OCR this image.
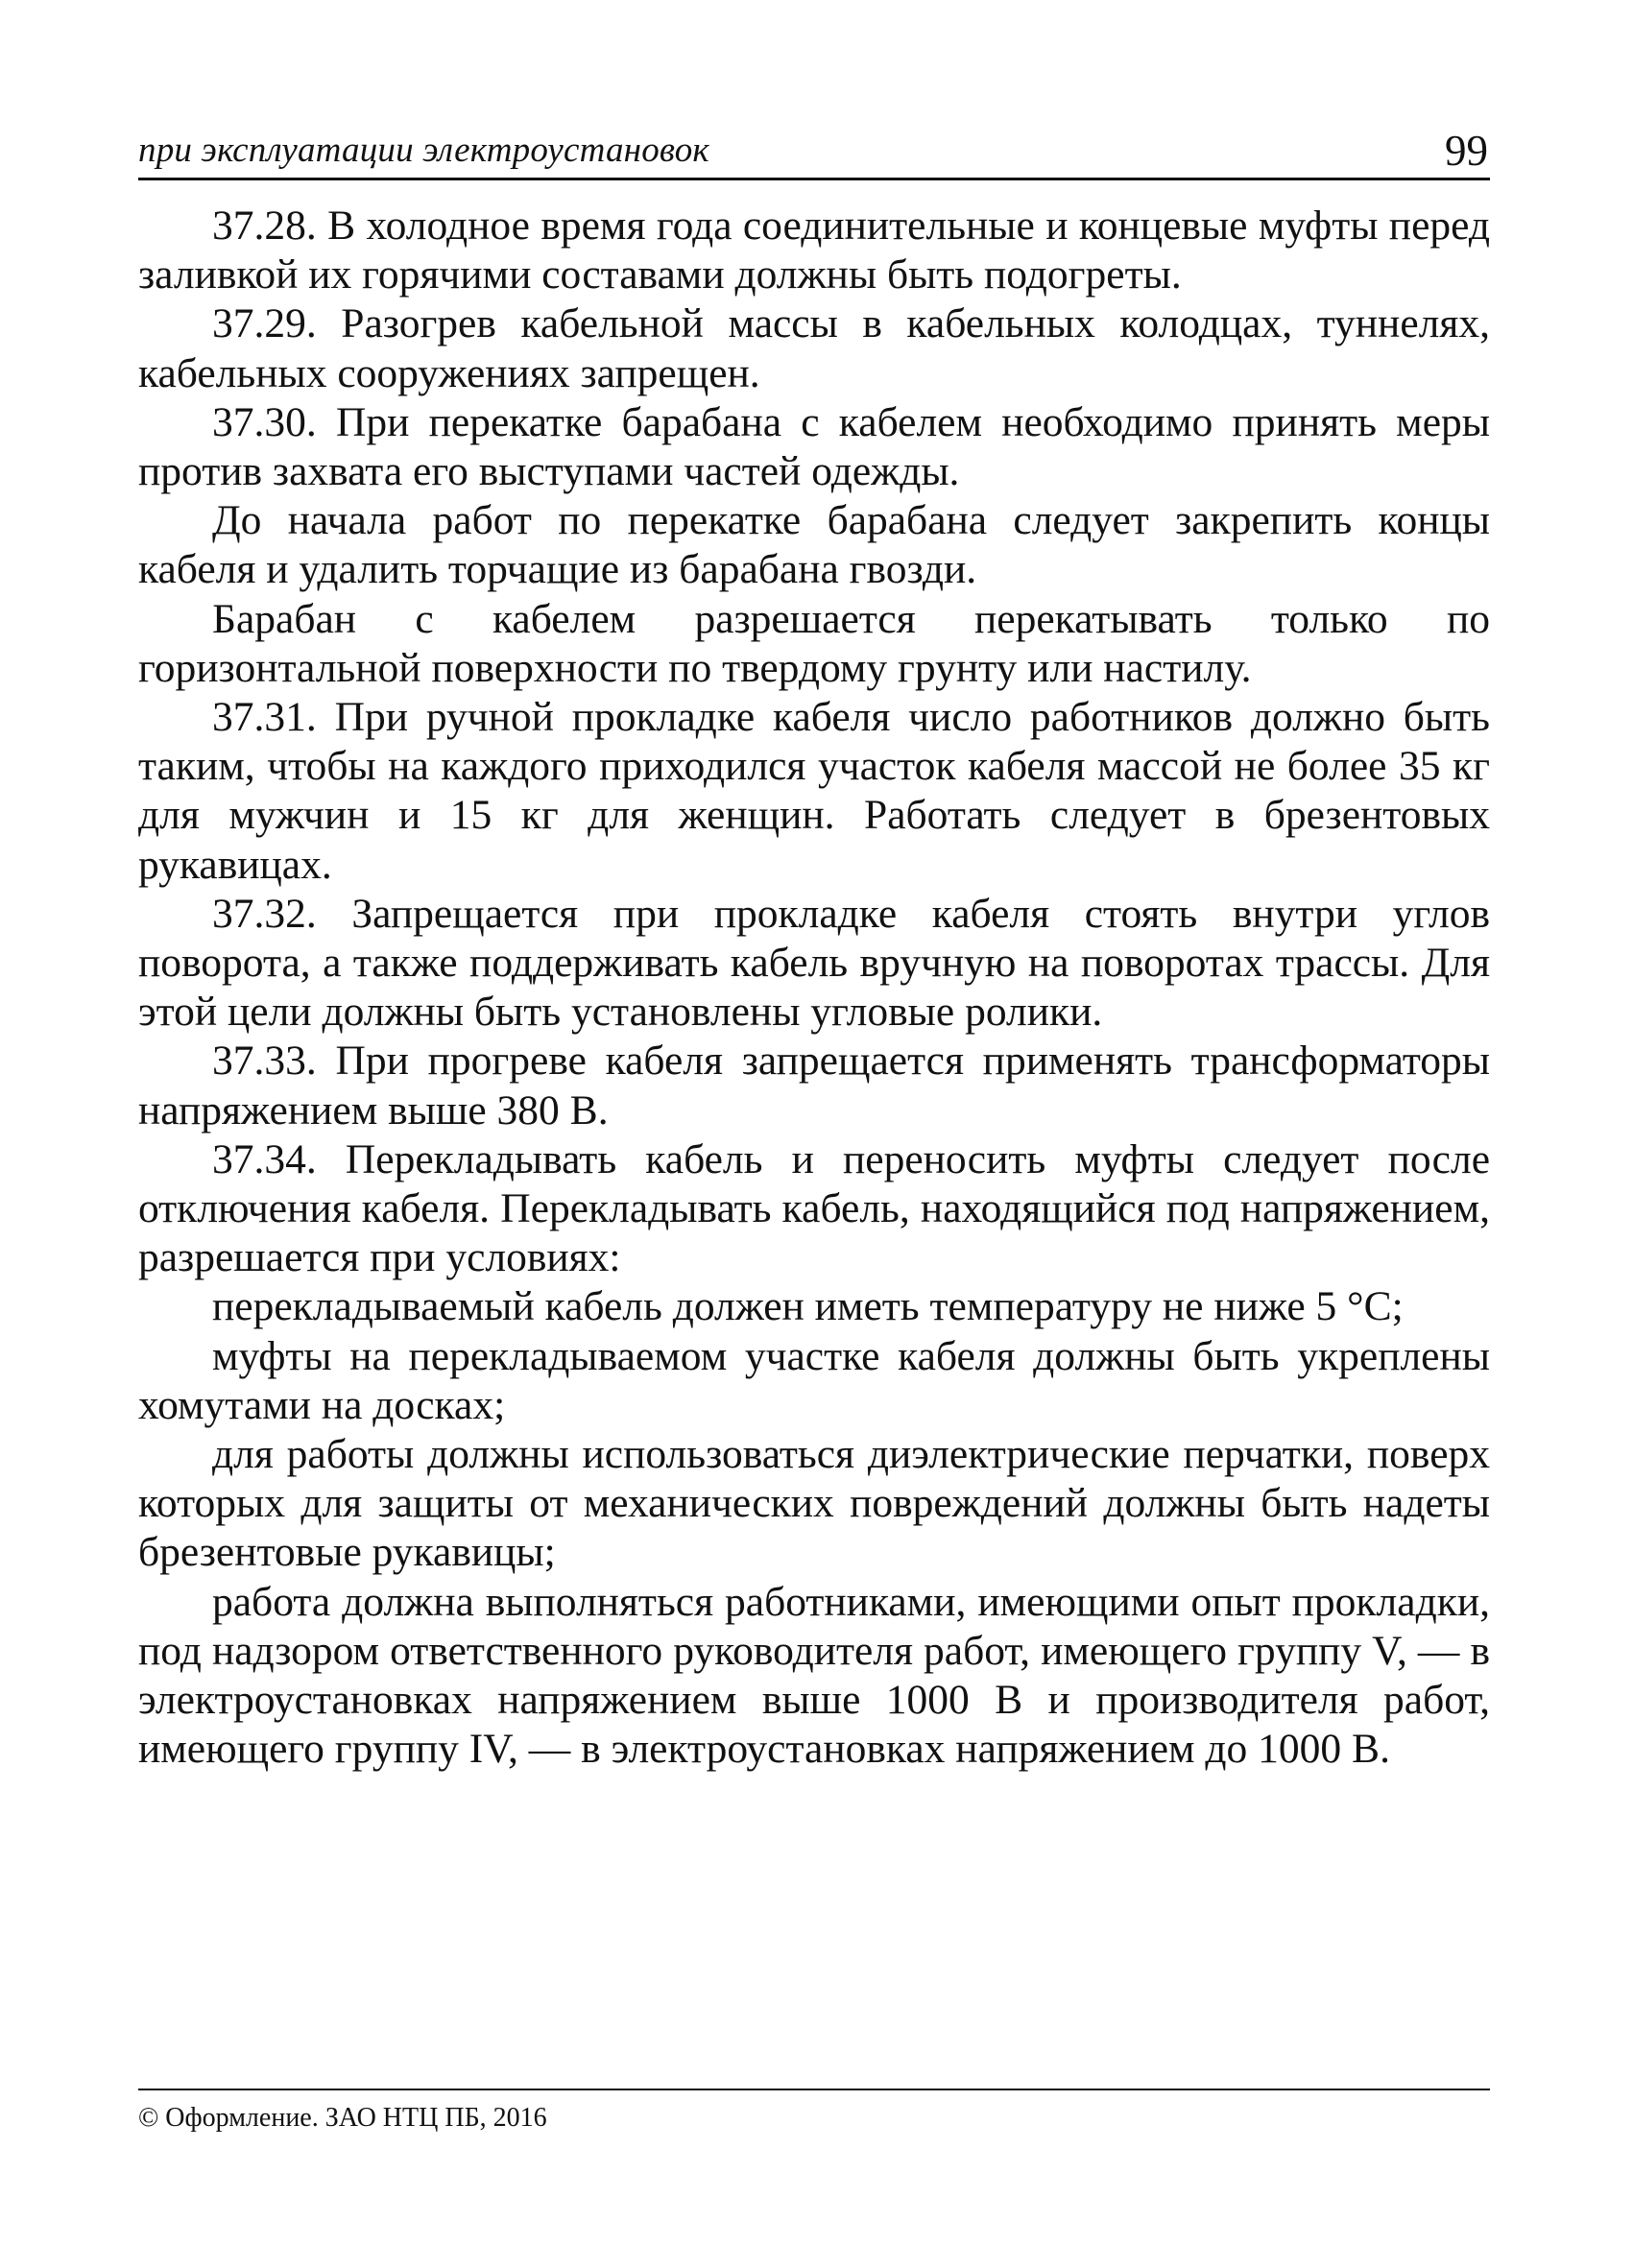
при эксплуатации электроустановок	99

37.28. В холодное время года соединительные и концевые муфты перед заливкой их горячими составами должны быть подогреты.

37.29. Разогрев кабельной массы в кабельных колодцах, туннелях, кабельных сооружениях запрещен.

37.30. При перекатке барабана с кабелем необходимо принять меры против захвата его выступами частей одежды.

До начала работ по перекатке барабана следует закрепить концы кабеля и удалить торчащие из барабана гвозди.

Барабан с кабелем разрешается перекатывать только по горизонтальной поверхности по твердому грунту или настилу.

37.31. При ручной прокладке кабеля число работников должно быть таким, чтобы на каждого приходился участок кабеля массой не более 35 кг для мужчин и 15 кг для женщин. Работать следует в брезентовых рукавицах.

37.32. Запрещается при прокладке кабеля стоять внутри углов поворота, а также поддерживать кабель вручную на поворотах трассы. Для этой цели должны быть установлены угловые ролики.

37.33. При прогреве кабеля запрещается применять трансформаторы напряжением выше 380 В.

37.34. Перекладывать кабель и переносить муфты следует после отключения кабеля. Перекладывать кабель, находящийся под напряжением, разрешается при условиях:

перекладываемый кабель должен иметь температуру не ниже 5 °С;

муфты на перекладываемом участке кабеля должны быть укреплены хомутами на досках;

для работы должны использоваться диэлектрические перчатки, поверх которых для защиты от механических повреждений должны быть надеты брезентовые рукавицы;

работа должна выполняться работниками, имеющими опыт прокладки, под надзором ответственного руководителя работ, имеющего группу V, — в электроустановках напряжением выше 1000 В и производителя работ, имеющего группу IV, — в электроустановках напряжением до 1000 В.

© Оформление. ЗАО НТЦ ПБ, 2016
